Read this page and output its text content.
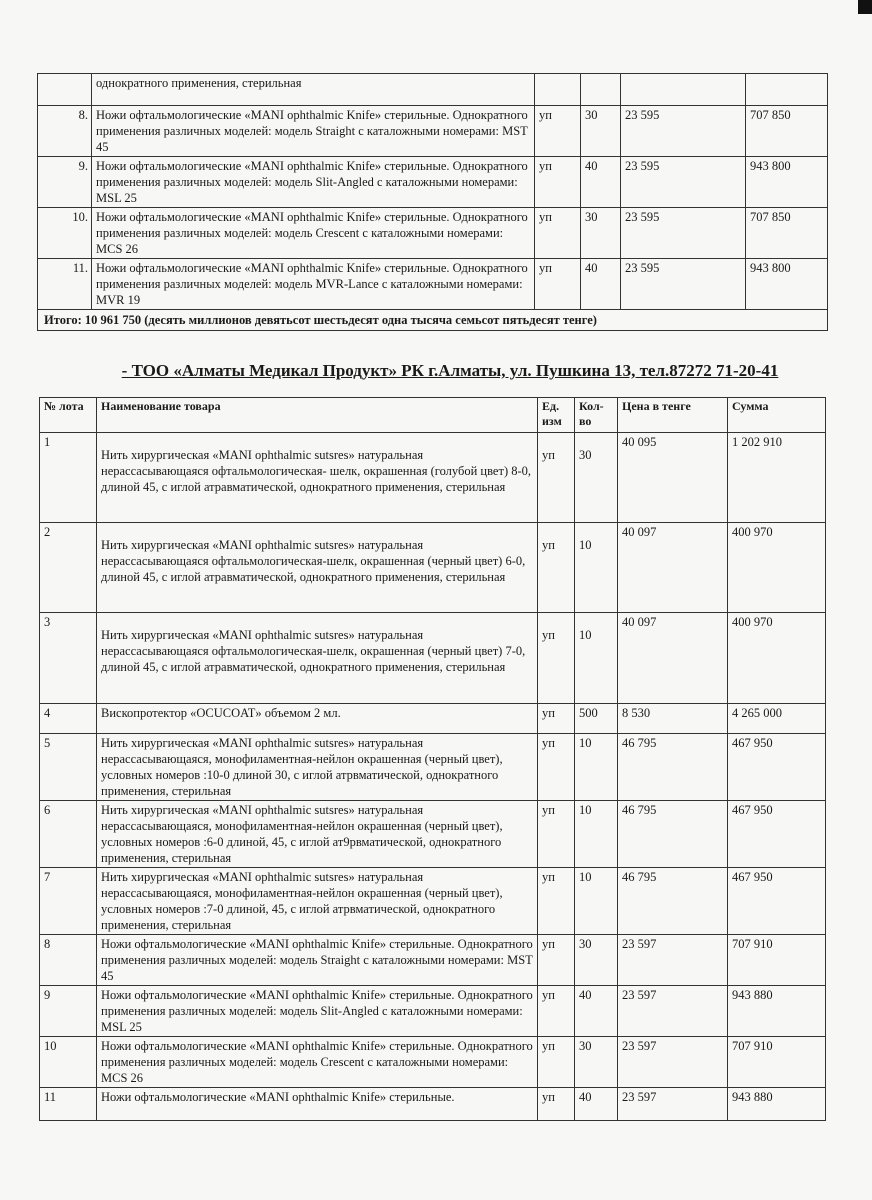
	однократного применения, стерильная				
8.	Ножи офтальмологические «MANI ophthalmic Knife» стерильные. Однократного применения различных моделей: модель Straight с каталожными номерами: MST 45	уп	30	23 595	707 850
9.	Ножи офтальмологические «MANI ophthalmic Knife» стерильные. Однократного применения различных моделей: модель Slit-Angled с каталожными номерами: MSL 25	уп	40	23 595	943 800
10.	Ножи офтальмологические «MANI ophthalmic Knife» стерильные. Однократного применения различных моделей: модель Crescent с каталожными номерами: MCS 26	уп	30	23 595	707 850
11.	Ножи офтальмологические «MANI ophthalmic Knife» стерильные. Однократного применения различных моделей: модель MVR-Lance с каталожными номерами: MVR 19	уп	40	23 595	943 800
Итого: 10 961 750 (десять миллионов девятьсот шестьдесят одна тысяча семьсот пятьдесят тенге)					
- ТОО «Алматы Медикал Продукт» РК г.Алматы, ул. Пушкина 13, тел.87272 71-20-41
№ лота	Наименование товара	Ед. изм	Кол-во	Цена в тенге	Сумма
1	Нить хирургическая «MANI ophthalmic sutsres» натуральная нерассасывающаяся офтальмологическая- шелк, окрашенная (голубой цвет) 8-0, длиной 45, с иглой атравматической, однократного применения, стерильная	уп	30	40 095	1 202 910
2	Нить хирургическая «MANI ophthalmic sutsres» натуральная нерассасывающаяся офтальмологическая-шелк, окрашенная (черный цвет) 6-0, длиной 45, с иглой атравматической, однократного применения, стерильная	уп	10	40 097	400 970
3	Нить хирургическая «MANI ophthalmic sutsres» натуральная нерассасывающаяся офтальмологическая-шелк, окрашенная (черный цвет) 7-0, длиной 45, с иглой атравматической, однократного применения, стерильная	уп	10	40 097	400 970
4	Вископротектор «OCUCOAT» объемом 2 мл.	уп	500	8 530	4 265 000
5	Нить хирургическая «MANI ophthalmic sutsres» натуральная нерассасывающаяся, монофиламентная-нейлон окрашенная (черный цвет), условных номеров :10-0 длиной 30, с иглой атрвматической, однократного применения, стерильная	уп	10	46 795	467 950
6	Нить хирургическая «MANI ophthalmic sutsres» натуральная нерассасывающаяся, монофиламентная-нейлон окрашенная (черный цвет), условных номеров :6-0 длиной, 45, с иглой ат9рвматической, однократного применения, стерильная	уп	10	46 795	467 950
7	Нить хирургическая «MANI ophthalmic sutsres» натуральная нерассасывающаяся, монофиламентная-нейлон окрашенная (черный цвет), условных номеров :7-0 длиной, 45, с иглой атрвматической, однократного применения, стерильная	уп	10	46 795	467 950
8	Ножи офтальмологические «MANI ophthalmic Knife» стерильные. Однократного применения различных моделей: модель Straight с каталожными номерами: MST 45	уп	30	23 597	707 910
9	Ножи офтальмологические «MANI ophthalmic Knife» стерильные. Однократного применения различных моделей: модель Slit-Angled с каталожными номерами: MSL 25	уп	40	23 597	943 880
10	Ножи офтальмологические «MANI ophthalmic Knife» стерильные. Однократного применения различных моделей: модель Crescent с каталожными номерами: MCS 26	уп	30	23 597	707 910
11	Ножи офтальмологические «MANI ophthalmic Knife» стерильные.	уп	40	23 597	943 880
